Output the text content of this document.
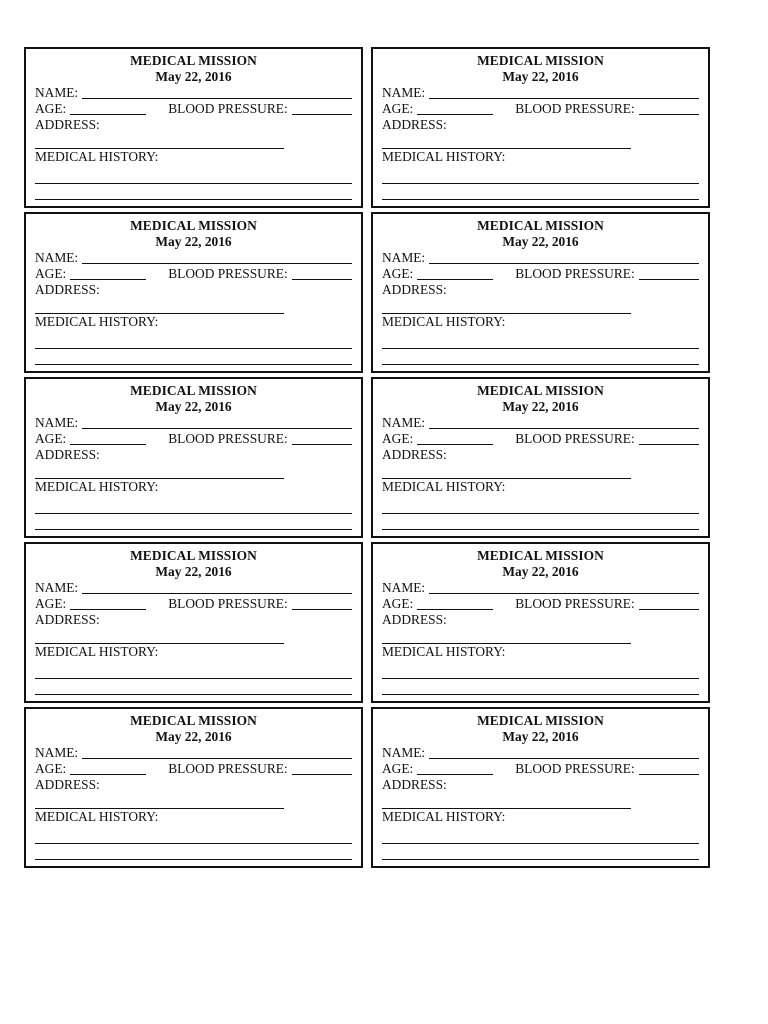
MEDICAL MISSION
May 22, 2016
NAME:
AGE:	BLOOD PRESSURE:
ADDRESS:
MEDICAL HISTORY:
MEDICAL MISSION
May 22, 2016
NAME:
AGE:	BLOOD PRESSURE:
ADDRESS:
MEDICAL HISTORY:
MEDICAL MISSION
May 22, 2016
NAME:
AGE:	BLOOD PRESSURE:
ADDRESS:
MEDICAL HISTORY:
MEDICAL MISSION
May 22, 2016
NAME:
AGE:	BLOOD PRESSURE:
ADDRESS:
MEDICAL HISTORY:
MEDICAL MISSION
May 22, 2016
NAME:
AGE:	BLOOD PRESSURE:
ADDRESS:
MEDICAL HISTORY:
MEDICAL MISSION
May 22, 2016
NAME:
AGE:	BLOOD PRESSURE:
ADDRESS:
MEDICAL HISTORY:
MEDICAL MISSION
May 22, 2016
NAME:
AGE:	BLOOD PRESSURE:
ADDRESS:
MEDICAL HISTORY:
MEDICAL MISSION
May 22, 2016
NAME:
AGE:	BLOOD PRESSURE:
ADDRESS:
MEDICAL HISTORY:
MEDICAL MISSION
May 22, 2016
NAME:
AGE:	BLOOD PRESSURE:
ADDRESS:
MEDICAL HISTORY:
MEDICAL MISSION
May 22, 2016
NAME:
AGE:	BLOOD PRESSURE:
ADDRESS:
MEDICAL HISTORY:
